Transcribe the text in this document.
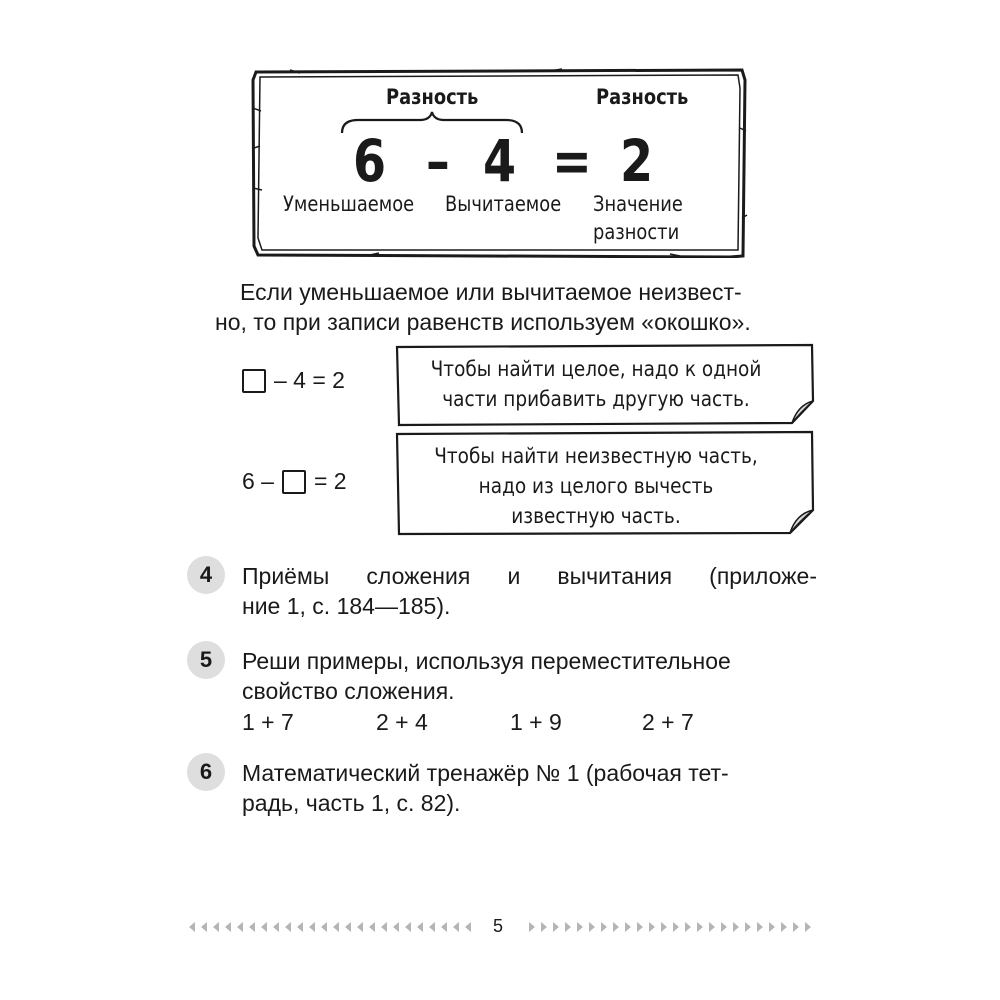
Разность	Разность
6 – 4 = 2
Уменьшаемое Вычитаемое Значение
разности
Если уменьшаемое или вычитаемое неизвест-
но, то при записи равенств используем «окошко».
– 4 = 2
6 – = 2
Чтобы найти целое, надо к одной
части прибавить другую часть.
Чтобы найти неизвестную часть,
надо из целого вычесть
известную часть.
4	Приёмы сложения и вычитания (приложе-
ние 1, с. 184—185).
5	Реши примеры, используя переместительное
свойство сложения.
1 + 7	2 + 4	1 + 9	2 + 7
6	Математический тренажёр № 1 (рабочая тет-
радь, часть 1, с. 82).
5
